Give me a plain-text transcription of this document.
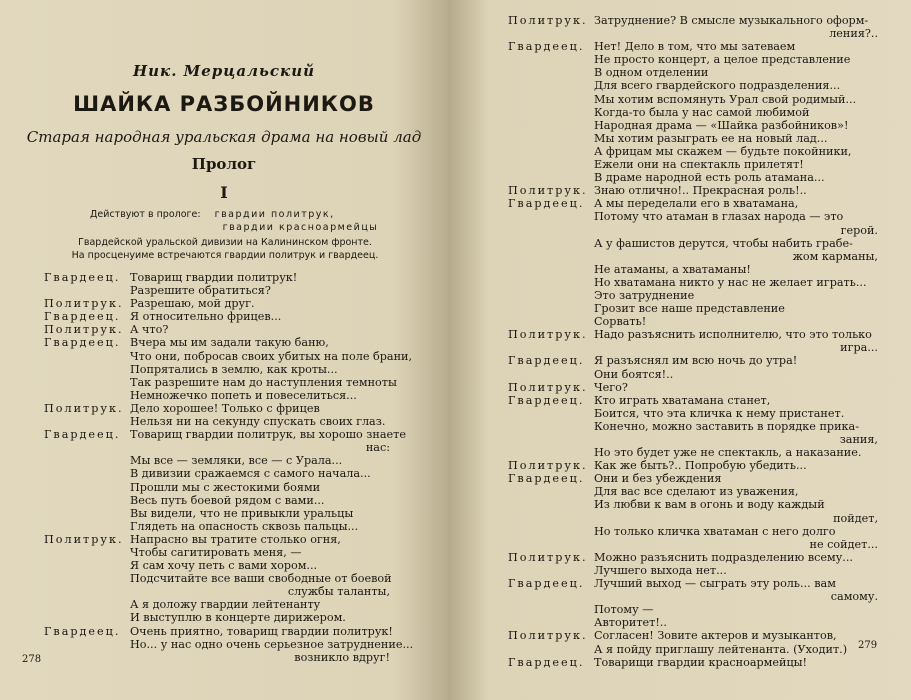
Ник. Мерцальский
ШАЙКА РАЗБОЙНИКОВ
Старая народная уральская драма на новый лад
Пролог
I
Действуют в прологе: гвардии политрук,
гвардии красноармейцы
Гвардейской уральской дивизии на Калининском фронте.
На просценуиме встречаются гвардии политрук и гвардеец.
Гвардеец. Товарищ гвардии политрук!
Разрешите обратиться?
Политрук. Разрешаю, мой друг.
Гвардеец. Я относительно фрицев...
Политрук. А что?
Гвардеец. Вчера мы им задали такую баню,
Что они, побросав своих убитых на поле брани,
Попрятались в землю, как кроты...
Так разрешите нам до наступления темноты
Немножечко попеть и повеселиться...
Политрук. Дело хорошее! Только с фрицев
Нельзя ни на секунду спускать своих глаз.
Гвардеец. Товарищ гвардии политрук, вы хорошо знаете
нас:
Мы все — земляки, все — с Урала...
В дивизии сражаемся с самого начала...
Прошли мы с жестокими боями
Весь путь боевой рядом с вами...
Вы видели, что не привыкли уральцы
Глядеть на опасность сквозь пальцы...
Политрук. Напрасно вы тратите столько огня,
Чтобы сагитировать меня, —
Я сам хочу петь с вами хором...
Подсчитайте все ваши свободные от боевой
службы таланты,
А я доложу гвардии лейтенанту
И выступлю в концерте дирижером.
Гвардеец. Очень приятно, товарищ гвардии политрук!
Но... у нас одно очень серьезное затруднение...
возникло вдруг!
278
Политрук. Затруднение? В смысле музыкального оформ-
ления?..
Гвардеец. Нет! Дело в том, что мы затеваем
Не просто концерт, а целое представление
В одном отделении
Для всего гвардейского подразделения...
Мы хотим вспомянуть Урал свой родимый...
Когда-то была у нас самой любимой
Народная драма — «Шайка разбойников»!
Мы хотим разыграть ее на новый лад...
А фрицам мы скажем — будьте покойники,
Ежели они на спектакль прилетят!
В драме народной есть роль атамана...
Политрук. Знаю отлично!.. Прекрасная роль!..
Гвардеец. А мы переделали его в хватамана,
Потому что атаман в глазах народа — это
герой.
А у фашистов дерутся, чтобы набить грабе-
жом карманы,
Не атаманы, а хватаманы!
Но хватамана никто у нас не желает играть...
Это затруднение
Грозит все наше представление
Сорвать!
Политрук. Надо разъяснить исполнителю, что это только
игра...
Гвардеец. Я разъяснял им всю ночь до утра!
Они боятся!..
Политрук. Чего?
Гвардеец. Кто играть хватамана станет,
Боится, что эта кличка к нему пристанет.
Конечно, можно заставить в порядке прика-
зания,
Но это будет уже не спектакль, а наказание.
Политрук. Как же быть?.. Попробую убедить...
Гвардеец. Они и без убеждения
Для вас все сделают из уважения,
Из любви к вам в огонь и воду каждый
пойдет,
Но только кличка хватаман с него долго
не сойдет...
Политрук. Можно разъяснить подразделению всему...
Лучшего выхода нет...
Гвардеец. Лучший выход — сыграть эту роль... вам
самому.
Потому —
Авторитет!..
Политрук. Согласен! Зовите актеров и музыкантов,
А я пойду приглашу лейтенанта. (Уходит.)
Гвардеец. Товарищи гвардии красноармейцы!
279
